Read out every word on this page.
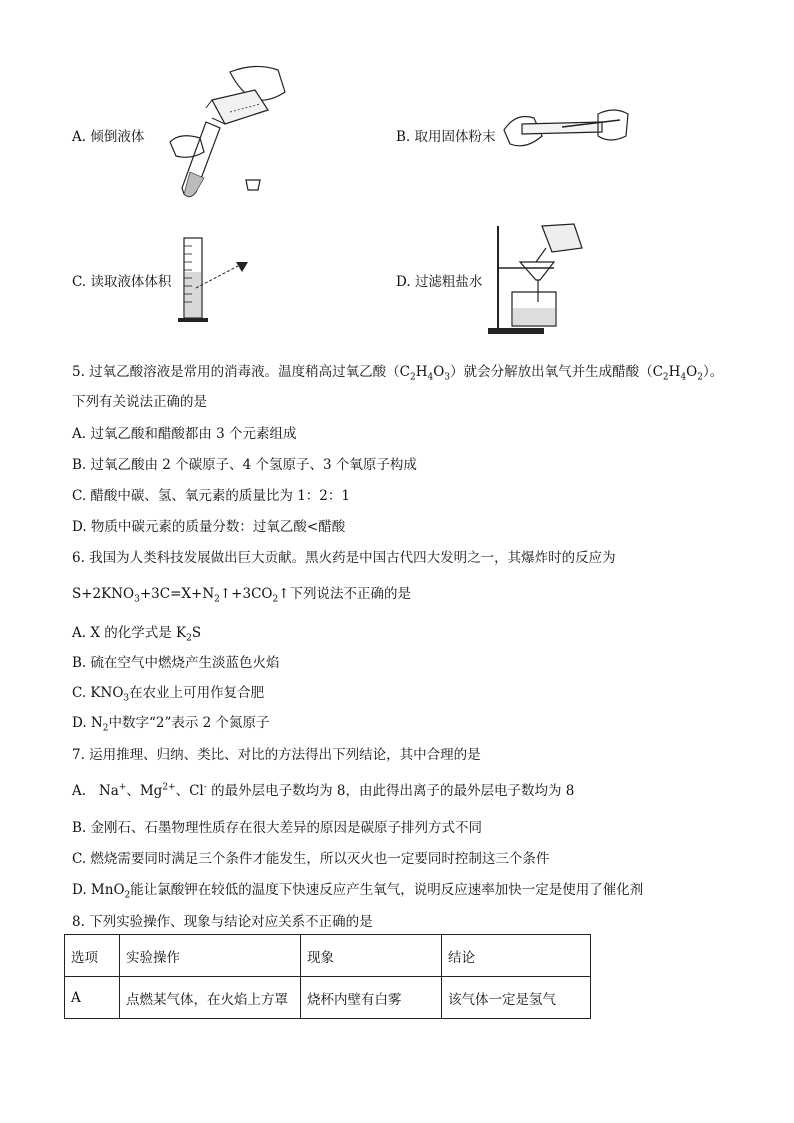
A. 倾倒液体	B. 取用固体粉末
C. 读取液体体积	D. 过滤粗盐水
5. 过氧乙酸溶液是常用的消毒液。温度稍高过氧乙酸$(C_2H_4O_3)$就会分解放出氧气并生成醋酸$(C_2H_4O_2)$。
下列有关说法正确的是
A. 过氧乙酸和醋酸都由 3 个元素组成
B. 过氧乙酸由 2 个碳原子、4 个氢原子、3 个氧原子构成
C. 醋酸中碳、氢、氧元素的质量比为 1：2：1
D. 物质中碳元素的质量分数：过氧乙酸<醋酸
6. 我国为人类科技发展做出巨大贡献。黑火药是中国古代四大发明之一，其爆炸时的反应为
$S+2KNO_3+3C=X+N_2↑+3CO_2↑$下列说法不正确的是
A. X 的化学式是 $K_2S$
B. 硫在空气中燃烧产生淡蓝色火焰
C. $KNO_3$在农业上可用作复合肥
D. $N_2$中数字“2”表示 2 个氮原子
7. 运用推理、归纳、类比、对比的方法得出下列结论，其中合理的是
A. Na+、$Mg^{2+}$、Cl- 的最外层电子数均为 8，由此得出离子的最外层电子数均为 8
B. 金刚石、石墨物理性质存在很大差异的原因是碳原子排列方式不同
C. 燃烧需要同时满足三个条件才能发生，所以灭火也一定要同时控制这三个条件
D. MnO$_2$能让氯酸钾在较低的温度下快速反应产生氧气，说明反应速率加快一定是使用了催化剂
8. 下列实验操作、现象与结论对应关系不正确的是
选项	实验操作	现象	结论
A	点燃某气体，在火焰上方罩	烧杯内壁有白雾	该气体一定是氢气
